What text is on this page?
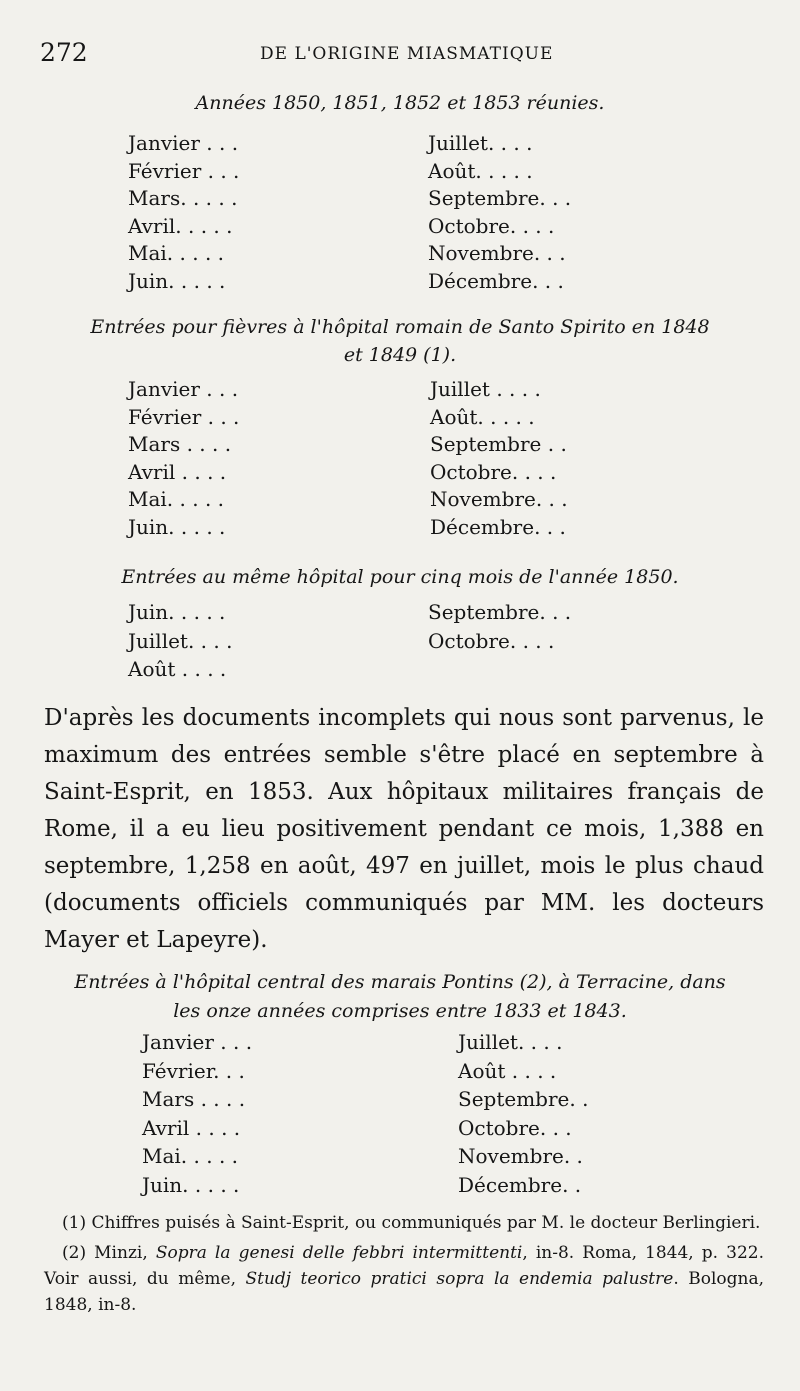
272	DE L'ORIGINE MIASMATIQUE
Années 1850, 1851, 1852 et 1853 réunies.
Janvier . . .	Juillet. . . .
Février . . .	Août. . . . .
Mars. . . . .	Septembre. . .
Avril. . . . .	Octobre. . . .
Mai. . . . .	Novembre. . .
Juin. . . . .	Décembre. . .
Entrées pour fièvres à l'hôpital romain de Santo Spirito en 1848
et 1849 (1).
Janvier . . .	Juillet . . . .
Février . . .	Août. . . . .
Mars . . . .	Septembre . .
Avril . . . .	Octobre. . . .
Mai. . . . .	Novembre. . .
Juin. . . . .	Décembre. . .
Entrées au même hôpital pour cinq mois de l'année 1850.
Juin. . . . .	Septembre. . .
Juillet. . . .	Octobre. . . .
Août . . . .

D'après les documents incomplets qui nous sont parvenus, le maximum des entrées semble s'être placé en septembre à Saint-Esprit, en 1853. Aux hôpitaux militaires français de Rome, il a eu lieu positivement pendant ce mois, 1,388 en septembre, 1,258 en août, 497 en juillet, mois le plus chaud (documents officiels communiqués par MM. les docteurs Mayer et Lapeyre).

Entrées à l'hôpital central des marais Pontins (2), à Terracine, dans
les onze années comprises entre 1833 et 1843.
Janvier . . .	Juillet. . . .
Février. . .	Août . . . .
Mars . . . .	Septembre. .
Avril . . . .	Octobre. . .
Mai. . . . .	Novembre. .
Juin. . . . .	Décembre. .

(1) Chiffres puisés à Saint-Esprit, ou communiqués par M. le docteur Berlingieri.

(2) Minzi, Sopra la genesi delle febbri intermittenti, in-8. Roma, 1844, p. 322. Voir aussi, du même, Studj teorico pratici sopra la endemia palustre. Bologna, 1848, in-8.
